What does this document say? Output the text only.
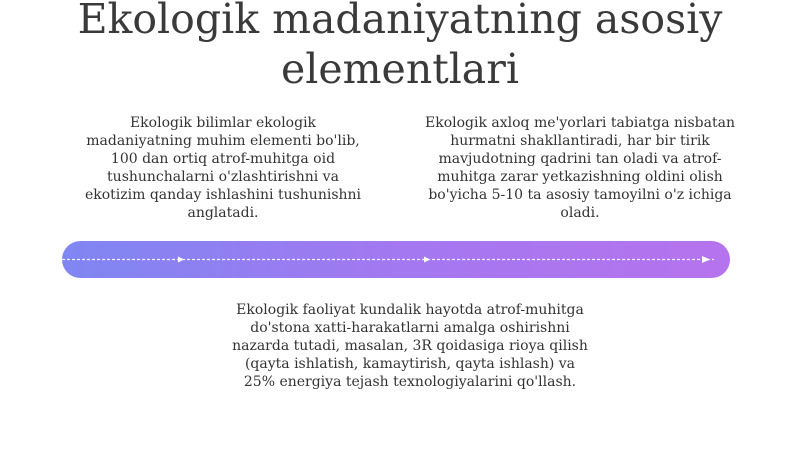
Ekologik madaniyatning asosiy elementlari

Ekologik bilimlar ekologik madaniyatning muhim elementi bo'lib, 100 dan ortiq atrof-muhitga oid tushunchalarni o'zlashtirishni va ekotizim qanday ishlashini tushunishni anglatadi.

Ekologik axloq me'yorlari tabiatga nisbatan hurmatni shakllantiradi, har bir tirik mavjudotning qadrini tan oladi va atrof-muhitga zarar yetkazishning oldini olish bo'yicha 5-10 ta asosiy tamoyilni o'z ichiga oladi.

Ekologik faoliyat kundalik hayotda atrof-muhitga do'stona xatti-harakatlarni amalga oshirishni nazarda tutadi, masalan, 3R qoidasiga rioya qilish (qayta ishlatish, kamaytirish, qayta ishlash) va 25% energiya tejash texnologiyalarini qo'llash.
